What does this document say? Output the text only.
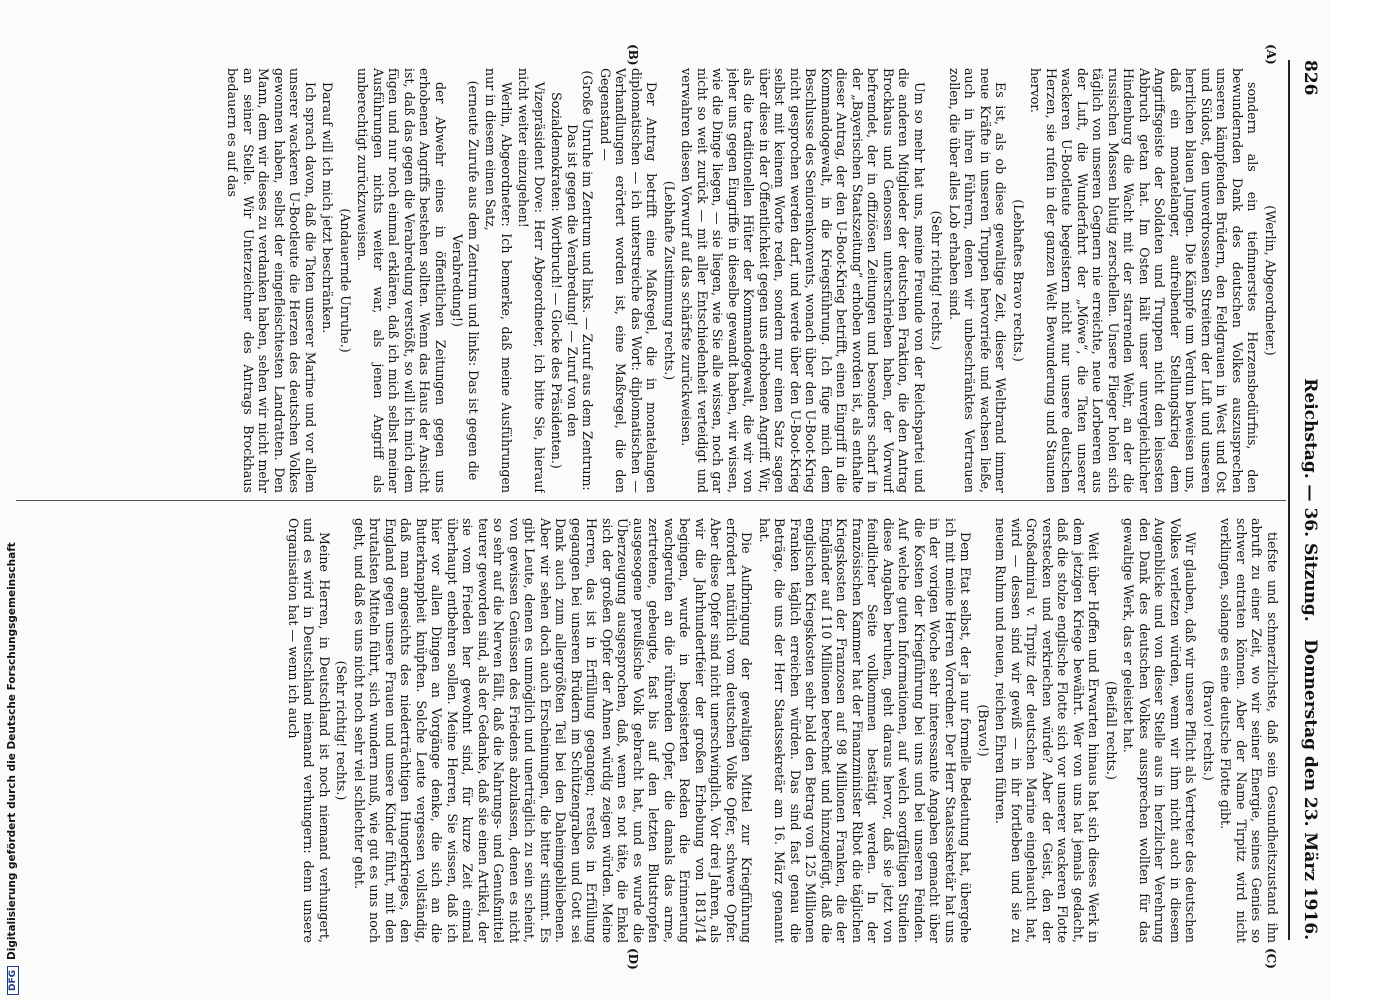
826
Reichstag. — 36. Sitzung.
Donnerstag den 23. März 1916.
(A)
(B)
(C)
(D)

(Werlin, Abgeordneter.)

sondern als ein tiefinnerstes Herzensbedürfnis, den bewundernden Dank des deutschen Volkes auszusprechen unseren kämpfenden Brüdern, den Feldgrauen in West und Ost und Südost, den unverdrossenen Streitern der Luft und unseren herrlichen blauen Jungen. Die Kämpfe um Verdun beweisen uns, daß ein monatelanger, aufreibender Stellungskrieg dem Angriffsgeiste der Soldaten und Truppen nicht den leisesten Abbruch getan hat. Im Osten hält unser unvergleichlicher Hindenburg die Wacht mit der starrenden Wehr, an der die russischen Massen blutig zerschellen. Unsere Flieger holen sich täglich von unseren Gegnern nie erreichte, neue Lorbeeren aus der Luft, die Wunderfahrt der „Möwe“, die Taten unserer wackeren U-Bootleute begeistern nicht nur unsere deutschen Herzen, sie rufen in der ganzen Welt Bewunderung und Staunen hervor.

(Lebhaftes Bravo rechts.)

Es ist, als ob diese gewaltige Zeit, dieser Weltbrand immer neue Kräfte in unseren Truppen hervorriefe und wachsen ließe, auch in ihren Führern, denen wir unbeschränktes Vertrauen zollen, die über alles Lob erhaben sind.

(Sehr richtig! rechts.)

Um so mehr hat uns, meine Freunde von der Reichspartei und die anderen Mitglieder der deutschen Fraktion, die den Antrag Brockhaus und Genossen unterschrieben haben, der Vorwurf befremdet, der in offiziösen Zeitungen und besonders scharf in der „Bayerischen Staatszeitung“ erhoben worden ist, als enthalte dieser Antrag, der den U-Boot-Krieg betrifft, einen Eingriff in die Kommandogewalt, in die Kriegsführung. Ich füge mich dem Beschlusse des Seniorenkonvents, wonach über den U-Boot-Krieg nicht gesprochen werden darf, und werde über den U-Boot-Krieg selbst mit keinem Worte reden, sondern nur einen Satz sagen über diese in der Öffentlichkeit gegen uns erhobenen Angriff. Wir, als die traditionellen Hüter der Kommandogewalt, die wir von jeher uns gegen Eingriffe in dieselbe gewandt haben, wir wissen, wie die Dinge liegen, — sie liegen, wie Sie alle wissen, noch gar nicht so weit zurück — mit aller Entschiedenheit verteidigt und verwahren diesen Vorwurf auf das schärfste zurückweisen.

(Lebhafte Zustimmung rechts.)

Der Antrag betrifft eine Maßregel, die in monatelangen diplomatischen — ich unterstreiche das Wort: diplomatischen — Verhandlungen erörtert worden ist, eine Maßregel, die den Gegenstand —

(Große Unruhe im Zentrum und links. — Zuruf aus dem Zentrum: Das ist gegen die Verabredung! — Zuruf von den Sozialdemokraten: Wortbruch! — Glocke des Präsidenten.)

Vizepräsident Dove: Herr Abgeordneter, ich bitte Sie, hierauf nicht weiter einzugehen!

Werlin, Abgeordneter: Ich bemerke, daß meine Ausführungen nur in diesem einen Satz,

(erneute Zurufe aus dem Zentrum und links: Das ist gegen die Verabredung!)

der Abwehr eines in öffentlichen Zeitungen gegen uns erhobenen Angriffs bestehen sollten. Wenn das Haus der Ansicht ist, daß das gegen die Verabredung verstößt, so will ich mich dem fügen und nur noch einmal erklären, daß ich mich selbst meiner Ausführungen nichts weiter war, als jenen Angriff als unberechtigt zurückzuweisen.

(Andauernde Unruhe.)

Darauf will ich mich jetzt beschränken.

Ich sprach davon, daß die Taten unserer Marine und vor allem unserer wackeren U-Bootleute die Herzen des deutschen Volkes gewonnen haben, selbst der eingefleischtesten Landratten. Den Mann, dem wir dieses zu verdanken haben, sehen wir nicht mehr an seiner Stelle. Wir Unterzeichner des Antrags Brockhaus bedauern es auf das

tiefste und schmerzlichste, daß sein Gesundheitszustand ihn abruft zu einer Zeit, wo wir seiner Energie, seines Genies so schwer entraten können. Aber der Name Tirpitz wird nicht verklingen, solange es eine deutsche Flotte gibt.

(Bravo! rechts.)

Wir glauben, daß wir unsere Pflicht als Vertreter des deutschen Volkes verletzen würden, wenn wir ihm nicht auch in diesem Augenblicke und von dieser Stelle aus in herzlicher Verehrung den Dank des deutschen Volkes aussprechen wollten für das gewaltige Werk, das er geleistet hat.

(Beifall rechts.)

Weit über Hoffen und Erwarten hinaus hat sich dieses Werk in dem jetzigen Kriege bewährt. Wer von uns hat jemals gedacht, daß die stolze englische Flotte sich vor unserer wackeren Flotte verstecken und verkriechen würde? Aber der Geist, den der Großadmiral v. Tirpitz der deutschen Marine eingehaucht hat, wird — dessen sind wir gewiß — in ihr fortleben und sie zu neuem Ruhm und neuen, reichen Ehren führen.

(Bravo!)

Dem Etat selbst, der ja nur formelle Bedeutung hat, übergehe ich mit meine Herren Vorredner. Der Herr Staatssekretär hat uns in der vorigen Woche sehr interessante Angaben gemacht über die Kosten der Kriegführung bei uns und bei unseren Feinden. Auf welche guten Informationen, auf welch sorgfältigen Studien diese Angaben beruhen, geht daraus hervor, daß sie jetzt von feindlicher Seite vollkommen bestätigt werden. In der französischen Kammer hat der Finanzminister Ribot die täglichen Kriegskosten der Franzosen auf 98 Millionen Franken, die der Engländer auf 110 Millionen berechnet und hinzugefügt, daß die englischen Kriegskosten sehr bald den Betrag von 125 Millionen Franken täglich erreichen würden. Das sind fast genau die Beträge, die uns der Herr Staatssekretär am 16. März genannt hat.

Die Aufbringung der gewaltigen Mittel zur Kriegführung erfordert natürlich vom deutschen Volke Opfer, schwere Opfer. Aber diese Opfer sind nicht unerschwinglich. Vor drei Jahren, als wir die Jahrhundertfeier der großen Erhebung von 1813/14 begingen, wurde in begeisterten Reden die Erinnerung wachgerufen an die rührenden Opfer, die damals das arme, zertretene, gebeugte, fast bis auf den letzten Blutstropfen ausgesogene preußische Volk gebracht hat, und es wurde die Überzeugung ausgesprochen, daß, wenn es not täte, die Enkel sich der großen Opfer der Ahnen würdig zeigen würden. Meine Herren, das ist in Erfüllung gegangen; restlos in Erfüllung gegangen bei unseren Brüdern im Schützengraben und Gott sei Dank auch zum allergrößten Teil bei den Daheimgebliebenen. Aber wir sehen doch auch Erscheinungen, die bitter stimmt. Es gibt Leute, denen es unmöglich und unerträglich zu sein scheint, von gewissen Genüssen des Friedens abzulassen, denen es nicht so sehr auf die Nerven fällt, daß die Nahrungs- und Genußmittel teurer geworden sind, als der Gedanke, daß sie einen Artikel, der sie vom Frieden her gewohnt sind, für kurze Zeit einmal überhaupt entbehren sollen. Meine Herren, Sie wissen, daß ich hier vor allen Dingen an Vorgänge denke, die sich an die Butterknappheit knüpften. Solche Leute vergessen vollständig, daß man angesichts des niederträchtigen Hungerkrieges, den England gegen unsere Frauen und unsere Kinder führt, mit den brutalsten Mitteln führt, sich wundern muß, wie gut es uns noch geht, und daß es uns nicht noch sehr viel schlechter geht.

(Sehr richtig! rechts.)

Meine Herren, in Deutschland ist noch niemand verhungert, und es wird in Deutschland niemand verhungern: denn unsere Organisation hat — wenn ich auch

DFGDigitalisierung gefördert durch die Deutsche Forschungsgemeinschaft
